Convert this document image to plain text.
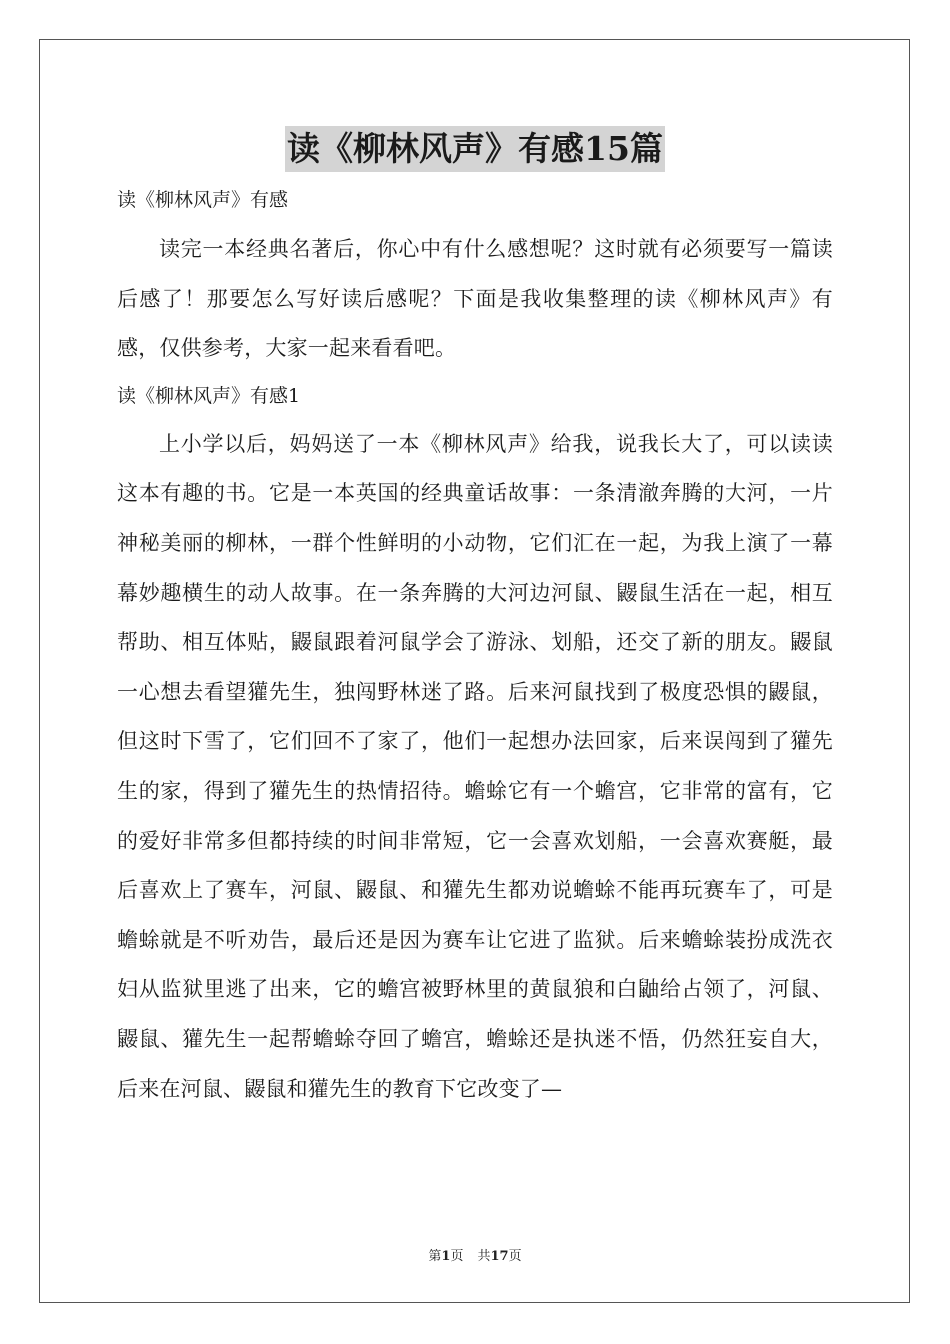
读《柳林风声》有感15篇

读《柳林风声》有感

读完一本经典名著后，你心中有什么感想呢？这时就有必须要写一篇读后感了！那要怎么写好读后感呢？下面是我收集整理的读《柳林风声》有感，仅供参考，大家一起来看看吧。

读《柳林风声》有感1

上小学以后，妈妈送了一本《柳林风声》给我，说我长大了，可以读读这本有趣的书。它是一本英国的经典童话故事：一条清澈奔腾的大河，一片神秘美丽的柳林，一群个性鲜明的小动物，它们汇在一起，为我上演了一幕幕妙趣横生的动人故事。在一条奔腾的大河边河鼠、鼹鼠生活在一起，相互帮助、相互体贴，鼹鼠跟着河鼠学会了游泳、划船，还交了新的朋友。鼹鼠一心想去看望獾先生，独闯野林迷了路。后来河鼠找到了极度恐惧的鼹鼠，但这时下雪了，它们回不了家了，他们一起想办法回家，后来误闯到了獾先生的家，得到了獾先生的热情招待。蟾蜍它有一个蟾宫，它非常的富有，它的爱好非常多但都持续的时间非常短，它一会喜欢划船，一会喜欢赛艇，最后喜欢上了赛车，河鼠、鼹鼠、和獾先生都劝说蟾蜍不能再玩赛车了，可是蟾蜍就是不听劝告，最后还是因为赛车让它进了监狱。后来蟾蜍装扮成洗衣妇从监狱里逃了出来，它的蟾宫被野林里的黄鼠狼和白鼬给占领了，河鼠、鼹鼠、獾先生一起帮蟾蜍夺回了蟾宫，蟾蜍还是执迷不悟，仍然狂妄自大，后来在河鼠、鼹鼠和獾先生的教育下它改变了—

第1页 共17页
